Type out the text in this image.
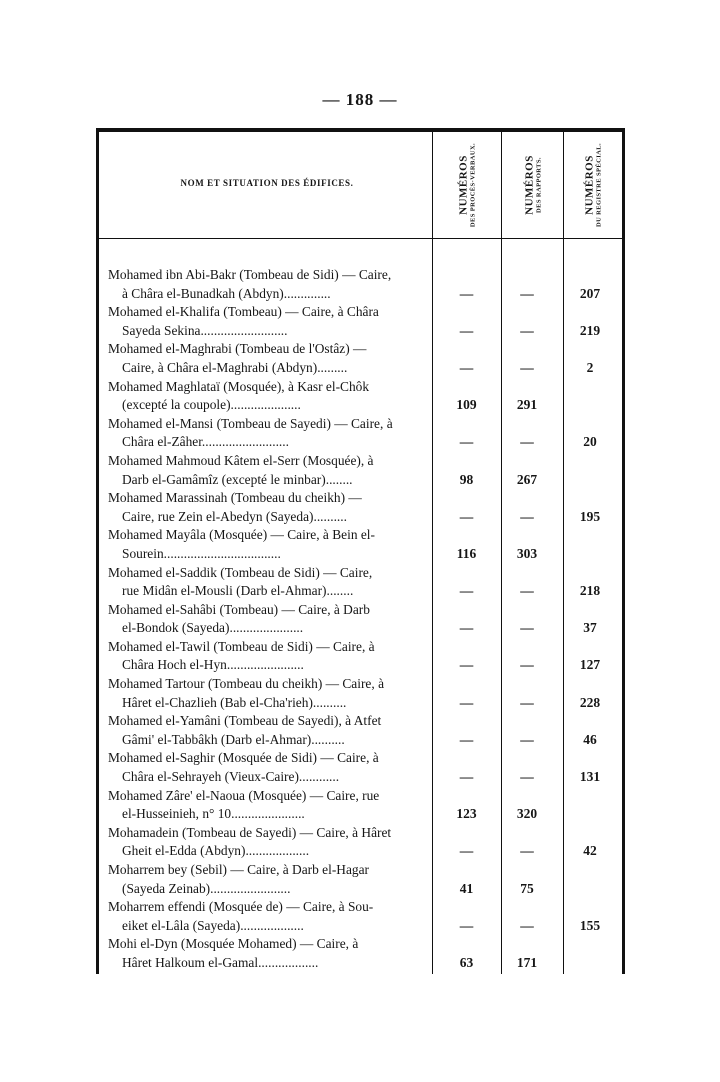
— 188 —
NOM ET SITUATION DES ÉDIFICES.	NUMÉROS DES PROCÈS-VERBAUX.	NUMÉROS DES RAPPORTS.	NUMÉROS DU REGISTRE SPÉCIAL.
Mohamed ibn Abi-Bakr (Tombeau de Sidi) — Caire,
à Châra el-Bunadkah (Abdyn)..............	—	—	207
Mohamed el-Khalifa (Tombeau) — Caire, à Châra
Sayeda Sekina..........................	—	—	219
Mohamed el-Maghrabi (Tombeau de l'Ostâz) —
Caire, à Châra el-Maghrabi (Abdyn).........	—	—	2
Mohamed Maghlataï (Mosquée), à Kasr el-Chôk
(excepté la coupole).....................	109	291
Mohamed el-Mansi (Tombeau de Sayedi) — Caire, à
Châra el-Zâher..........................	—	—	20
Mohamed Mahmoud Kâtem el-Serr (Mosquée), à
Darb el-Gamâmîz (excepté le minbar)........	98	267
Mohamed Marassinah (Tombeau du cheikh) —
Caire, rue Zein el-Abedyn (Sayeda)..........	—	—	195
Mohamed Mayâla (Mosquée) — Caire, à Bein el-
Sourein...................................	116	303
Mohamed el-Saddik (Tombeau de Sidi) — Caire,
rue Midân el-Mousli (Darb el-Ahmar)........	—	—	218
Mohamed el-Sahâbi (Tombeau) — Caire, à Darb
el-Bondok (Sayeda)......................	—	—	37
Mohamed el-Tawil (Tombeau de Sidi) — Caire, à
Châra Hoch el-Hyn.......................	—	—	127
Mohamed Tartour (Tombeau du cheikh) — Caire, à
Hâret el-Chazlieh (Bab el-Cha'rieh)..........	—	—	228
Mohamed el-Yamâni (Tombeau de Sayedi), à Atfet
Gâmi' el-Tabbâkh (Darb el-Ahmar)..........	—	—	46
Mohamed el-Saghir (Mosquée de Sidi) — Caire, à
Châra el-Sehrayeh (Vieux-Caire)............	—	—	131
Mohamed Zâre' el-Naoua (Mosquée) — Caire, rue
el-Husseinieh, n° 10......................	123	320
Mohamadein (Tombeau de Sayedi) — Caire, à Hâret
Gheit el-Edda (Abdyn)...................	—	—	42
Moharrem bey (Sebil) — Caire, à Darb el-Hagar
(Sayeda Zeinab)........................	41	75
Moharrem effendi (Mosquée de) — Caire, à Sou-
eiket el-Lâla (Sayeda)...................	—	—	155
Mohi el-Dyn (Mosquée Mohamed) — Caire, à
Hâret Halkoum el-Gamal..................	63	171
